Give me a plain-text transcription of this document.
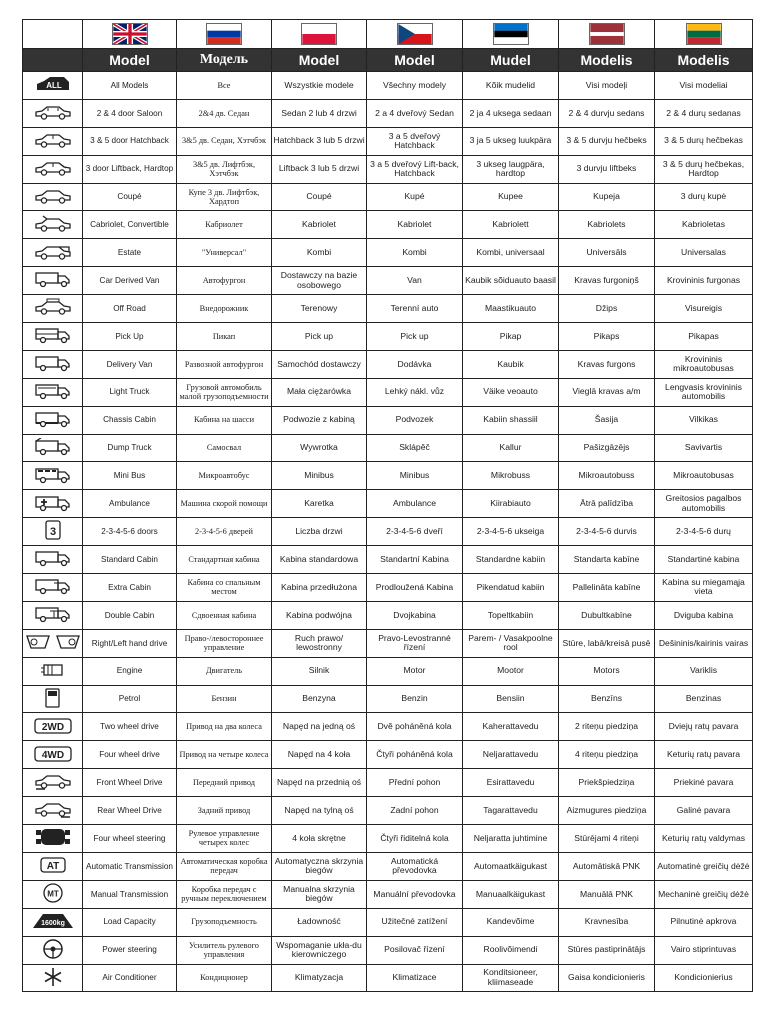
	Model	Модель	Model	Model	Mudel	Modelis	Modelis

ALL	All Models	Все	Wszystkie modele	Všechny modely	Kõik mudelid	Visi modeļi	Visi modeliai

	2 & 4 door Saloon	2&4 дв. Седан	Sedan 2 lub 4 drzwi	2 a 4 dveřový Sedan	2 ja 4 uksega sedaan	2 & 4 durvju sedans	2 & 4 durų sedanas

	3 & 5 door Hatchback	3&5 дв. Седан, Хэтчбэк	Hatchback 3 lub 5 drzwi	3 a 5 dveřový Hatchback	3 ja 5 ukseg luukpära	3 & 5 durvju hečbeks	3 & 5 durų hečbekas

	3 door Liftback, Hardtop	3&5 дв. Лифтбэк, Хэтчбэк	Liftback 3 lub 5 drzwi	3 a 5 dveřový Lift-back, Hatchback	3 ukseg laugpära, hardtop	3 durvju liftbeks	3 & 5 durų hečbekas, Hardtop

	Coupé	Купе 3 дв. Лифтбэк, Хардтоп	Coupé	Kupé	Kupee	Kupeja	3 durų kupė

	Cabriolet, Convertible	Кабриолет	Kabriolet	Kabriolet	Kabriolett	Kabriolets	Kabrioletas

	Estate	"Универсал"	Kombi	Kombi	Kombi, universaal	Universāls	Universalas

	Car Derived Van	Автофургон	Dostawczy na bazie osobowego	Van	Kaubik sõiduauto baasil	Kravas furgoniņš	Krovininis furgonas

	Off Road	Внедорожник	Terenowy	Terenní auto	Maastikuauto	Džips	Visureigis

	Pick Up	Пикап	Pick up	Pick up	Pikap	Pikaps	Pikapas

	Delivery Van	Развозной автофургон	Samochód dostawczy	Dodávka	Kaubik	Kravas furgons	Krovininis mikroautobusas

	Light Truck	Грузовой автомобиль малой грузоподъемности	Mała ciężarówka	Lehký nákl. vůz	Väike veoauto	Vieglā kravas a/m	Lengvasis krovininis automobilis

	Chassis Cabin	Кабина на шасси	Podwozie z kabiną	Podvozek	Kabiin shassiil	Šasija	Vilkikas

	Dump Truck	Самосвал	Wywrotka	Sklápěč	Kallur	Pašizgāzējs	Savivartis

	Mini Bus	Микроавтобус	Minibus	Minibus	Mikrobuss	Mikroautobuss	Mikroautobusas

	Ambulance	Машина скорой помощи	Karetka	Ambulance	Kiirabiauto	Ātrā palīdzība	Greitosios pagalbos automobilis

3	2-3-4-5-6 doors	2-3-4-5-6 дверей	Liczba drzwi	2-3-4-5-6 dveří	2-3-4-5-6 ukseiga	2-3-4-5-6 durvis	2-3-4-5-6 durų

	Standard Cabin	Стандартная кабина	Kabina standardowa	Standartní Kabina	Standardne kabiin	Standarta kabīne	Standartinė kabina

	Extra Cabin	Кабина со спальным местом	Kabina przedłużona	Prodloužená Kabina	Pikendatud kabiin	Pallelināta kabīne	Kabina su miegamąja vieta

	Double Cabin	Сдвоенная кабина	Kabina podwójna	Dvojkabina	Topeltkabiin	Dubultkabīne	Dviguba kabina

	Right/Left hand drive	Право-/левостороннее управление	Ruch prawo/ lewostronny	Pravo-Levostranné řízení	Parem- / Vasakpoolne rool	Stūre, labā/kreisā pusē	Dešininis/kairinis vairas

	Engine	Двигатель	Silnik	Motor	Mootor	Motors	Variklis

	Petrol	Бензин	Benzyna	Benzin	Bensiin	Benzīns	Benzinas

2WD	Two wheel drive	Привод на два колеса	Napęd na jedną oś	Dvě poháněná kola	Kaherattavedu	2 riteņu piedziņa	Dviejų ratų pavara

4WD	Four wheel drive	Привод на четыре колеса	Napęd na 4 koła	Čtyři poháněná kola	Neljarattavedu	4 riteņu piedziņa	Keturių ratų pavara

	Front Wheel Drive	Передний привод	Napęd na przednią oś	Přední pohon	Esirattavedu	Priekšpiedziņa	Priekinė pavara

	Rear Wheel Drive	Задний привод	Napęd na tylną oś	Zadní pohon	Tagarattavedu	Aizmugures piedziņa	Galinė pavara

	Four wheel steering	Рулевое управление четырех колес	4 koła skrętne	Čtyři řiditelná kola	Neljaratta juhtimine	Stūrējami 4 riteņi	Keturių ratų valdymas

AT	Automatic Transmission	Автоматическая коробка передач	Automatyczna skrzynia biegów	Automatická převodovka	Automaatkäigukast	Automātiskā PNK	Automatinė greičių dėžė

MT	Manual Transmission	Коробка передач с ручным переключением	Manualna skrzynia biegów	Manuální převodovka	Manuaalkäigukast	Manuālā PNK	Mechaninė greičių dėžė

1600kg	Load Capacity	Грузоподъемность	Ładowność	Užitečné zatížení	Kandevõime	Kravnesība	Pilnutinė apkrova

	Power steering	Усилитель рулевого управления	Wspomaganie ukła-du kierowniczego	Posilovač řízení	Roolivõimendi	Stūres pastiprinātājs	Vairo stiprintuvas

	Air Conditioner	Кондиционер	Klimatyzacja	Klimatizace	Konditsioneer, kliimaseade	Gaisa kondicionieris	Kondicionierius
